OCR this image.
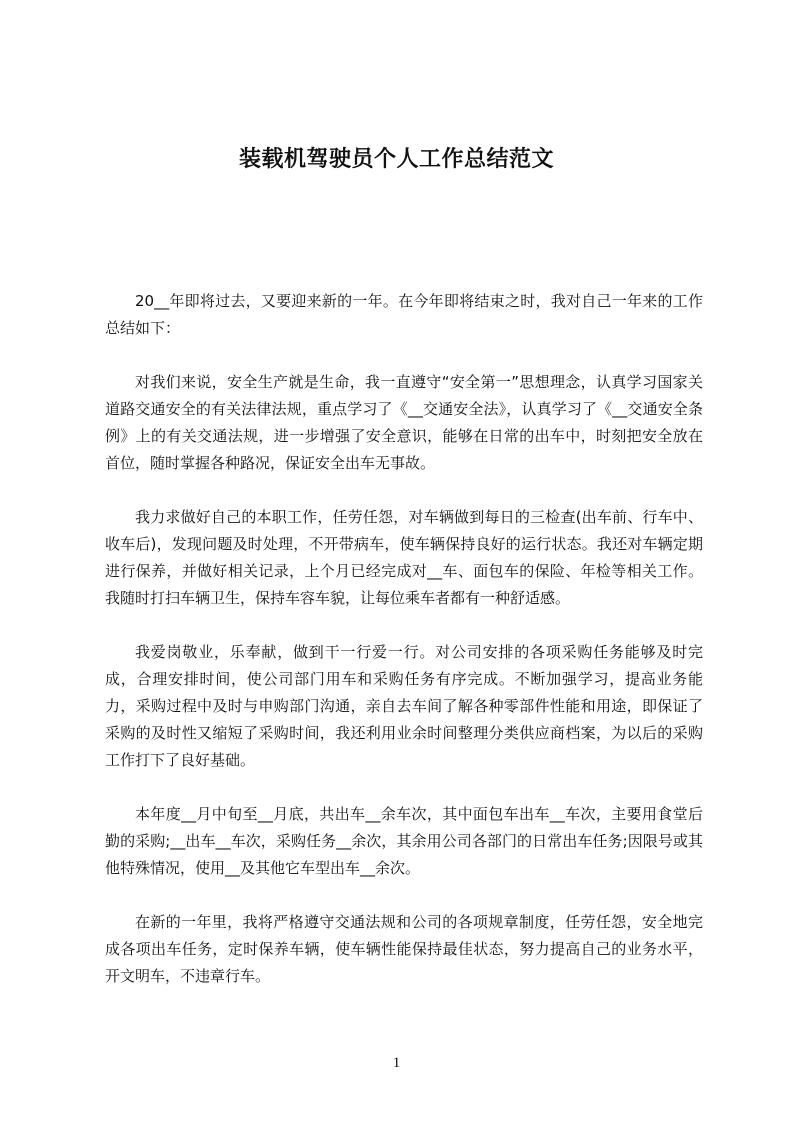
装载机驾驶员个人工作总结范文

20__年即将过去，又要迎来新的一年。在今年即将结束之时，我对自己一年来的工作总结如下：

对我们来说，安全生产就是生命，我一直遵守“安全第一”思想理念，认真学习国家关道路交通安全的有关法律法规，重点学习了《__交通安全法》，认真学习了《__交通安全条例》上的有关交通法规，进一步增强了安全意识，能够在日常的出车中，时刻把安全放在首位，随时掌握各种路况，保证安全出车无事故。

我力求做好自己的本职工作，任劳任怨，对车辆做到每日的三检查(出车前、行车中、收车后)，发现问题及时处理，不开带病车，使车辆保持良好的运行状态。我还对车辆定期进行保养，并做好相关记录，上个月已经完成对__车、面包车的保险、年检等相关工作。我随时打扫车辆卫生，保持车容车貌，让每位乘车者都有一种舒适感。

我爱岗敬业，乐奉献，做到干一行爱一行。对公司安排的各项采购任务能够及时完成，合理安排时间，使公司部门用车和采购任务有序完成。不断加强学习，提高业务能力，采购过程中及时与申购部门沟通，亲自去车间了解各种零部件性能和用途，即保证了采购的及时性又缩短了采购时间，我还利用业余时间整理分类供应商档案，为以后的采购工作打下了良好基础。

本年度__月中旬至__月底，共出车__余车次，其中面包车出车__车次，主要用食堂后勤的采购;__出车__车次，采购任务__余次，其余用公司各部门的日常出车任务;因限号或其他特殊情况，使用__及其他它车型出车__余次。

在新的一年里，我将严格遵守交通法规和公司的各项规章制度，任劳任怨，安全地完成各项出车任务，定时保养车辆，使车辆性能保持最佳状态，努力提高自己的业务水平，开文明车，不违章行车。

1
